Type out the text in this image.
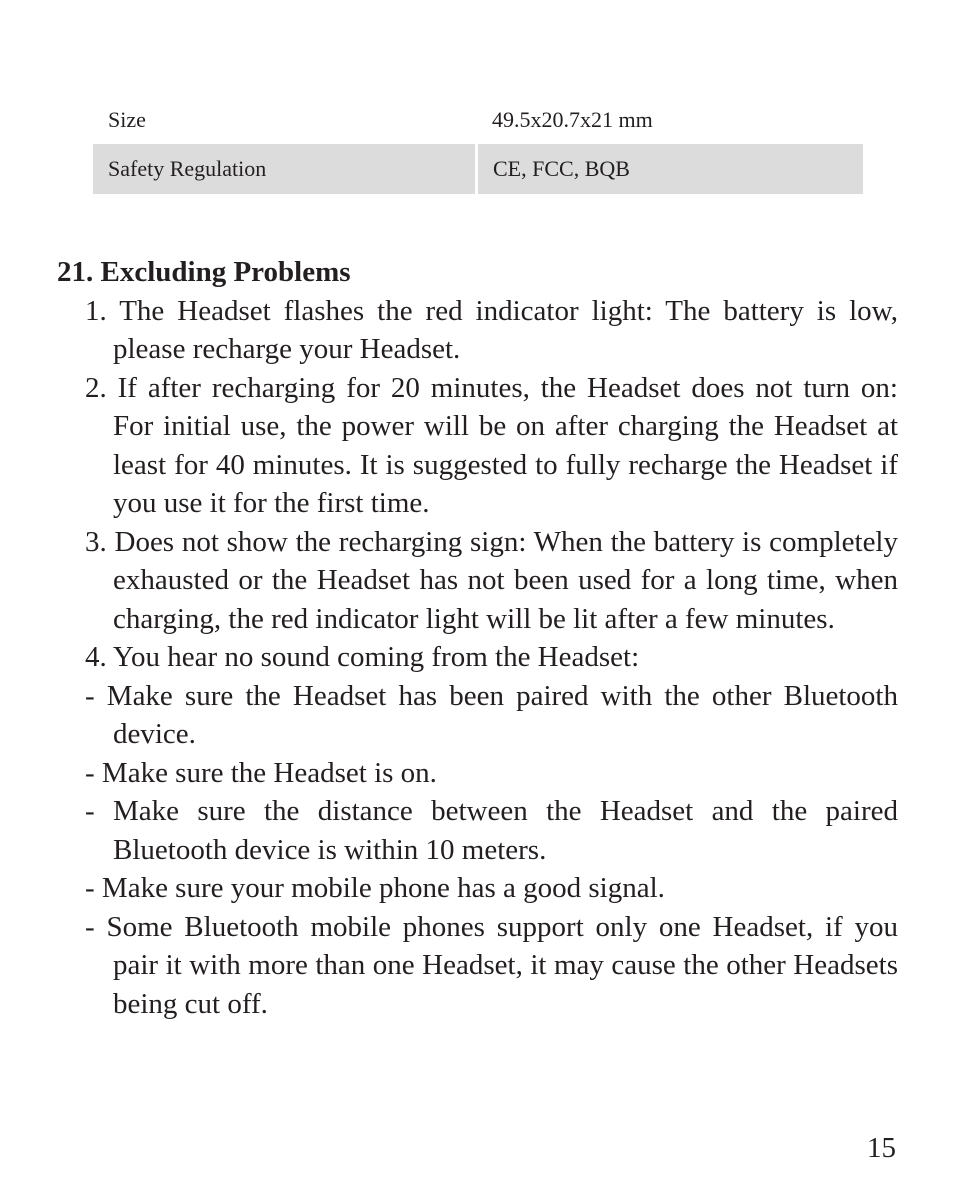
Size	49.5x20.7x21 mm
Safety Regulation	CE, FCC, BQB

21. Excluding Problems

1. The Headset flashes the red indicator light: The battery is low, please recharge your Headset.

2. If after recharging for 20 minutes, the Headset does not turn on: For initial use, the power will be on after charging the Headset at least for 40 minutes. It is suggested to fully recharge the Headset if you use it for the first time.

3. Does not show the recharging sign: When the battery is completely exhausted or the Headset has not been used for a long time, when charging, the red indicator light will be lit after a few minutes.

4. You hear no sound coming from the Headset:

- Make sure the Headset has been paired with the other Bluetooth device.

- Make sure the Headset is on.

- Make sure the distance between the Headset and the paired Bluetooth device is within 10 meters.

- Make sure your mobile phone has a good signal.

- Some Bluetooth mobile phones support only one Headset, if you pair it with more than one Headset, it may cause the other Headsets being cut off.

15
